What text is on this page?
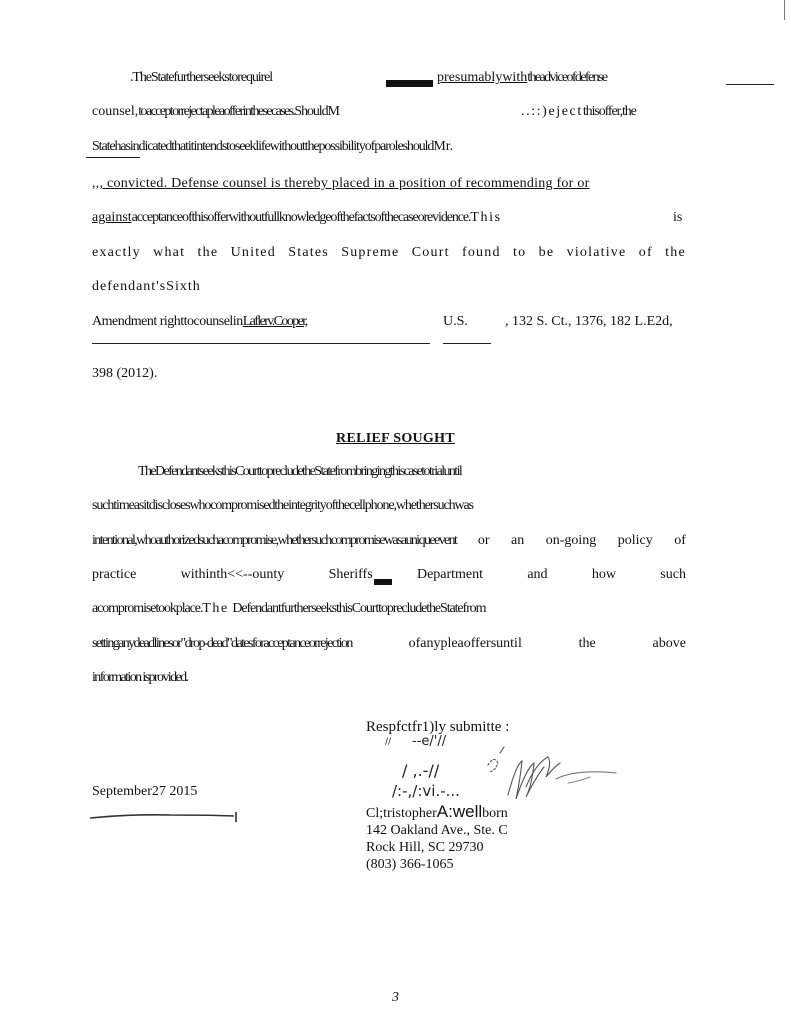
.TheStatefurtherseekstorequirel	presumablywiththeadviceofdefense
counsel,toacceptorrejectapleaofferinthesecases.ShouldM	..::)ejectthisoffer,the
StatehasindicatedthatitintendstoseeklifewithoutthepossibilityofparoleshouldMr.
,,, convicted. Defense counsel is thereby placed in a position of recommending for or
againstacceptanceofthisofferwithoutfullknowledgeofthefactsofthecaseorevidence.This	is
exactly what the United States Supreme Court found to be violative of the
defendant'sSixth
Amendment righttocounselinLaflerv.Cooper,	U.S.	, 132 S. Ct., 1376, 182 L.E2d,
398 (2012).
RELIEF SOUGHT
TheDefendantseeksthisCourttoprecludetheStatefrombringingthiscasetotrialuntil
suchtimeasitdiscloseswhocompromisedtheintegrityofthecellphone,whethersuchwas
intentional,whoauthorizedsuchacompromise,whethersuchcompromisewasauniqueevent or an on-going policy of
practice	withinth<<--ounty	Sheriffs	Department	and	how	such
acompromisetookplace.The DefendantfurtherseeksthisCourttoprecludetheStatefrom
settinganydeadlinesor"drop-dead"datesforacceptanceorrejection	ofanypleaoffersuntil	the	above
information isprovided.
Respfctfr1)ly submitte :
// --e/'//
/ ,.-//
/:-,/:vi.-...
September27 2015
Cl;tristopherA:wellborn
142 Oakland Ave., Ste. C
Rock Hill, SC 29730
(803) 366-1065
3
